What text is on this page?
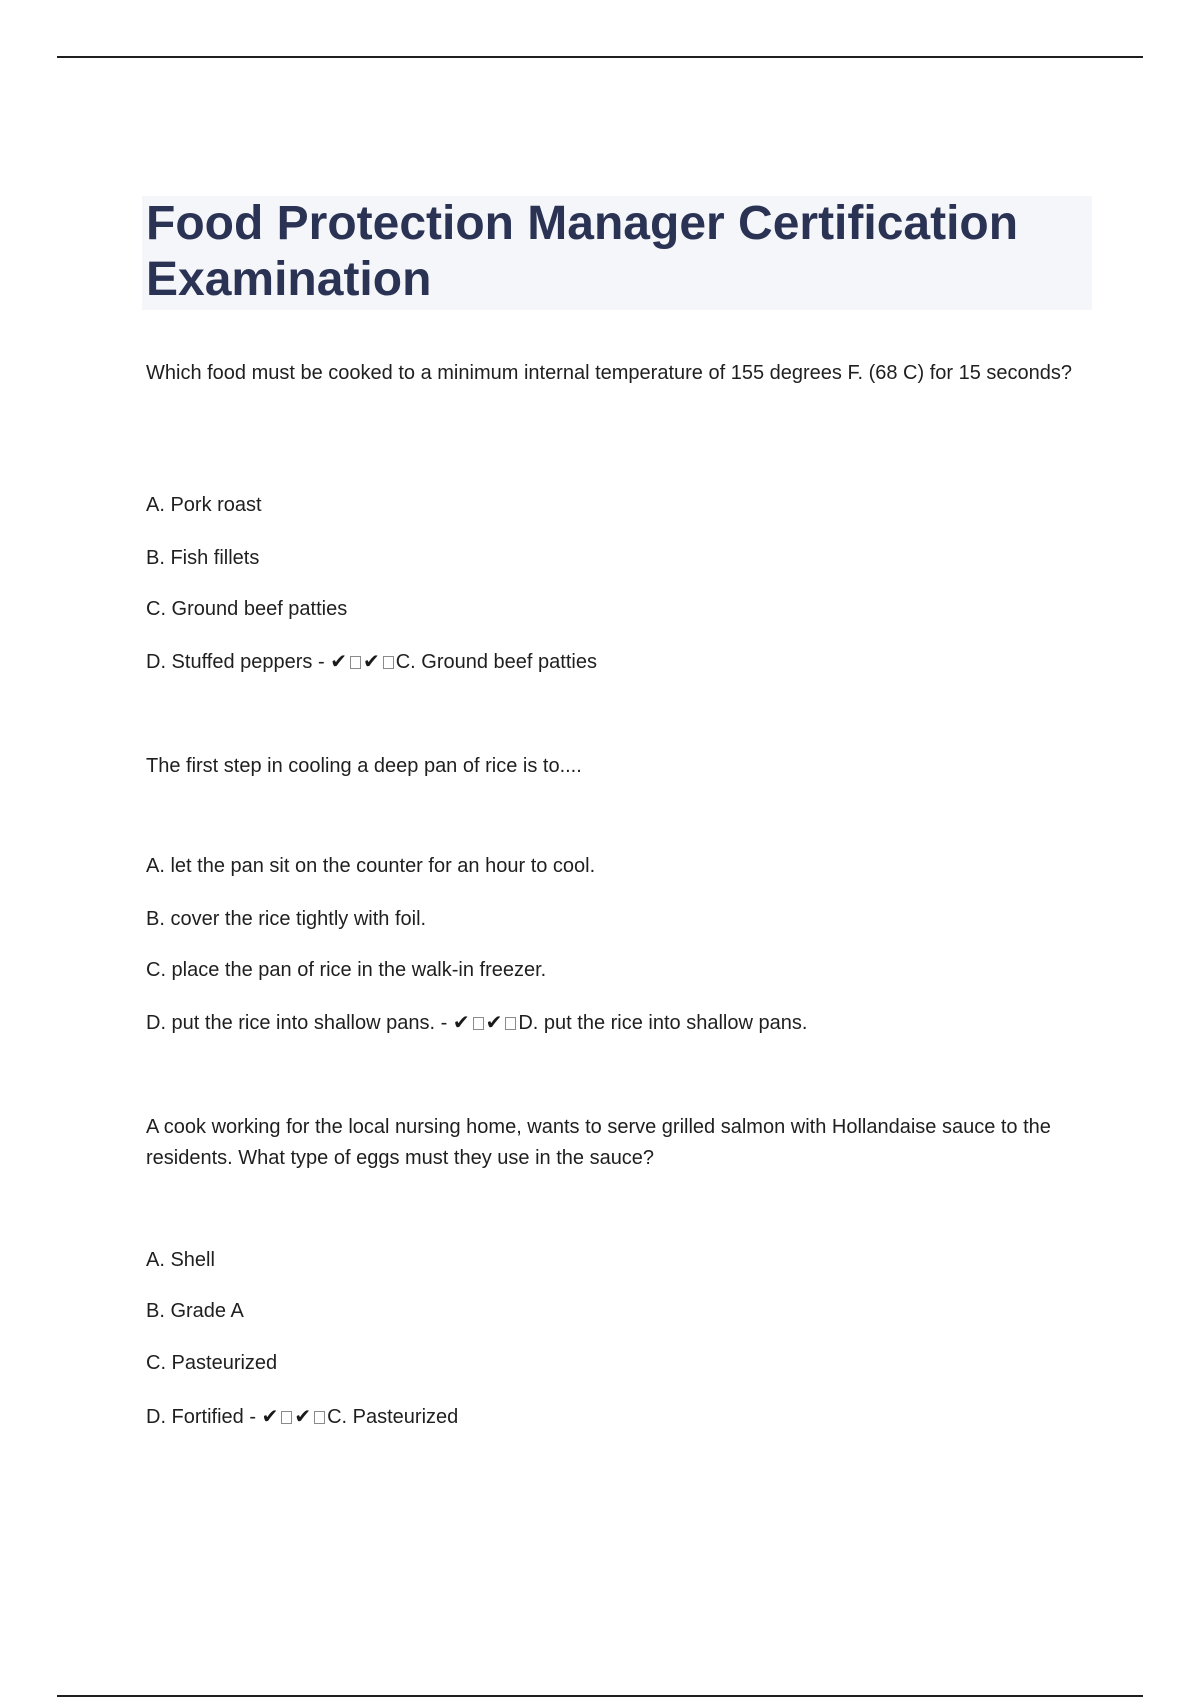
Food Protection Manager Certification Examination

Which food must be cooked to a minimum internal temperature of 155 degrees F. (68 C) for 15 seconds?

A. Pork roast

B. Fish fillets

C. Ground beef patties

D. Stuffed peppers - ✔ ✔ C. Ground beef patties

The first step in cooling a deep pan of rice is to....

A. let the pan sit on the counter for an hour to cool.

B. cover the rice tightly with foil.

C. place the pan of rice in the walk-in freezer.

D. put the rice into shallow pans. - ✔ ✔ D. put the rice into shallow pans.

A cook working for the local nursing home, wants to serve grilled salmon with Hollandaise sauce to the residents. What type of eggs must they use in the sauce?

A. Shell

B. Grade A

C. Pasteurized

D. Fortified - ✔ ✔ C. Pasteurized
